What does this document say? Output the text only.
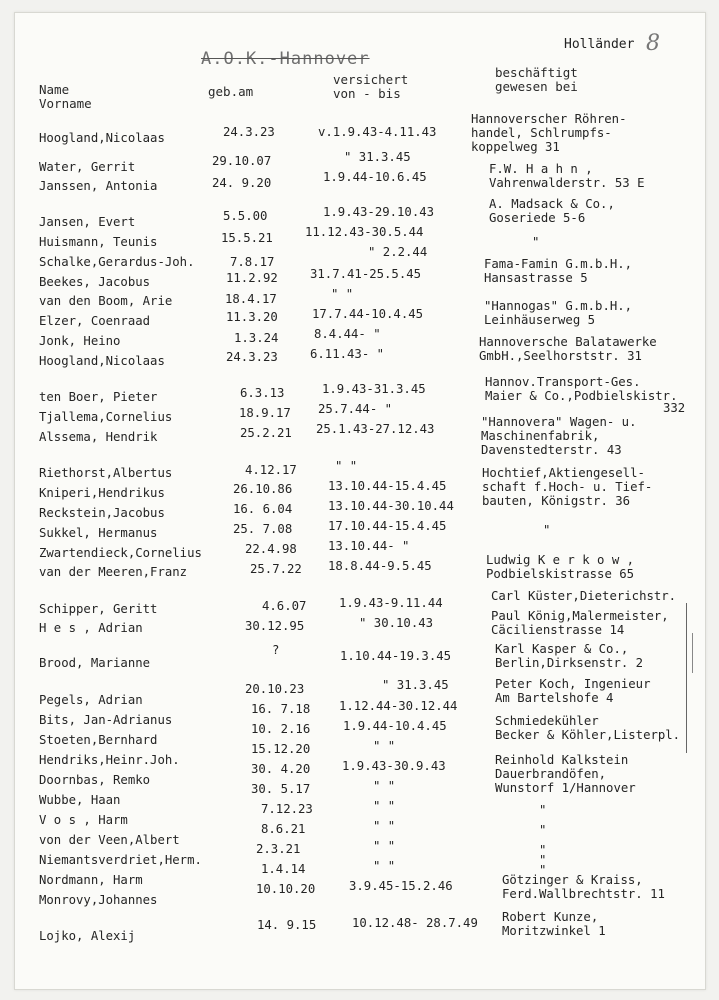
A.O.K.-Hannover
Holländer 8
Name
Vorname
geb.am
versichert
von - bis
beschäftigt
gewesen bei
Hoogland,Nicolaas
Water, Gerrit
Janssen, Antonia
Jansen, Evert
Huismann, Teunis
Schalke,Gerardus-Joh.
Beekes, Jacobus
van den Boom, Arie
Elzer, Coenraad
Jonk, Heino
Hoogland,Nicolaas
ten Boer, Pieter
Tjallema,Cornelius
Alssema, Hendrik
Riethorst,Albertus
Kniperi,Hendrikus
Reckstein,Jacobus
Sukkel, Hermanus
Zwartendieck,Cornelius
van der Meeren,Franz
Schipper, Geritt
H e s , Adrian
Brood, Marianne
Pegels, Adrian
Bits, Jan-Adrianus
Stoeten,Bernhard
Hendriks,Heinr.Joh.
Doornbas, Remko
Wubbe, Haan
V o s , Harm
von der Veen,Albert
Niemantsverdriet,Herm.
Nordmann, Harm
Monrovy,Johannes
Lojko, Alexij
24.3.23
29.10.07
24. 9.20
5.5.00
15.5.21
7.8.17
11.2.92
18.4.17
11.3.20
1.3.24
24.3.23
6.3.13
18.9.17
25.2.21
4.12.17
26.10.86
16. 6.04
25. 7.08
22.4.98
25.7.22
4.6.07
30.12.95
?
20.10.23
16. 7.18
10. 2.16
15.12.20
30. 4.20
30. 5.17
7.12.23
8.6.21
2.3.21
1.4.14
10.10.20
14. 9.15
v.1.9.43-4.11.43
" 31.3.45
1.9.44-10.6.45
1.9.43-29.10.43
11.12.43-30.5.44
" 2.2.44
31.7.41-25.5.45
" "
17.7.44-10.4.45
8.4.44- "
6.11.43- "
1.9.43-31.3.45
25.7.44- "
25.1.43-27.12.43
" "
13.10.44-15.4.45
13.10.44-30.10.44
17.10.44-15.4.45
13.10.44- "
18.8.44-9.5.45
1.9.43-9.11.44
" 30.10.43
1.10.44-19.3.45
" 31.3.45
1.12.44-30.12.44
1.9.44-10.4.45
" "
1.9.43-30.9.43
" "
" "
" "
" "
" "
3.9.45-15.2.46
10.12.48- 28.7.49
Hannoverscher Röhren-
handel, Schlrumpfs-
koppelweg 31
F.W. H a h n ,
Vahrenwalderstr. 53 E
A. Madsack & Co.,
Goseriede 5-6
"
Fama-Famin G.m.b.H.,
Hansastrasse 5
"Hannogas" G.m.b.H.,
Leinhäuserweg 5
Hannoversche Balatawerke
GmbH.,Seelhorststr. 31
Hannov.Transport-Ges.
Maier & Co.,Podbielskistr.
332
"Hannovera" Wagen- u.
Maschinenfabrik,
Davenstedterstr. 43
Hochtief,Aktiengesell-
schaft f.Hoch- u. Tief-
bauten, Königstr. 36
"
Ludwig K e r k o w ,
Podbielskistrasse 65
Carl Küster,Dieterichstr.
Paul König,Malermeister,
Cäcilienstrasse 14
Karl Kasper & Co.,
Berlin,Dirksenstr. 2
Peter Koch, Ingenieur
Am Bartelshofe 4
Schmiedekühler
Becker & Köhler,Listerpl.
Reinhold Kalkstein
Dauerbrandöfen,
Wunstorf 1/Hannover
"
"
"
"
"
Götzinger & Kraiss,
Ferd.Wallbrechtstr. 11
Robert Kunze,
Moritzwinkel 1
